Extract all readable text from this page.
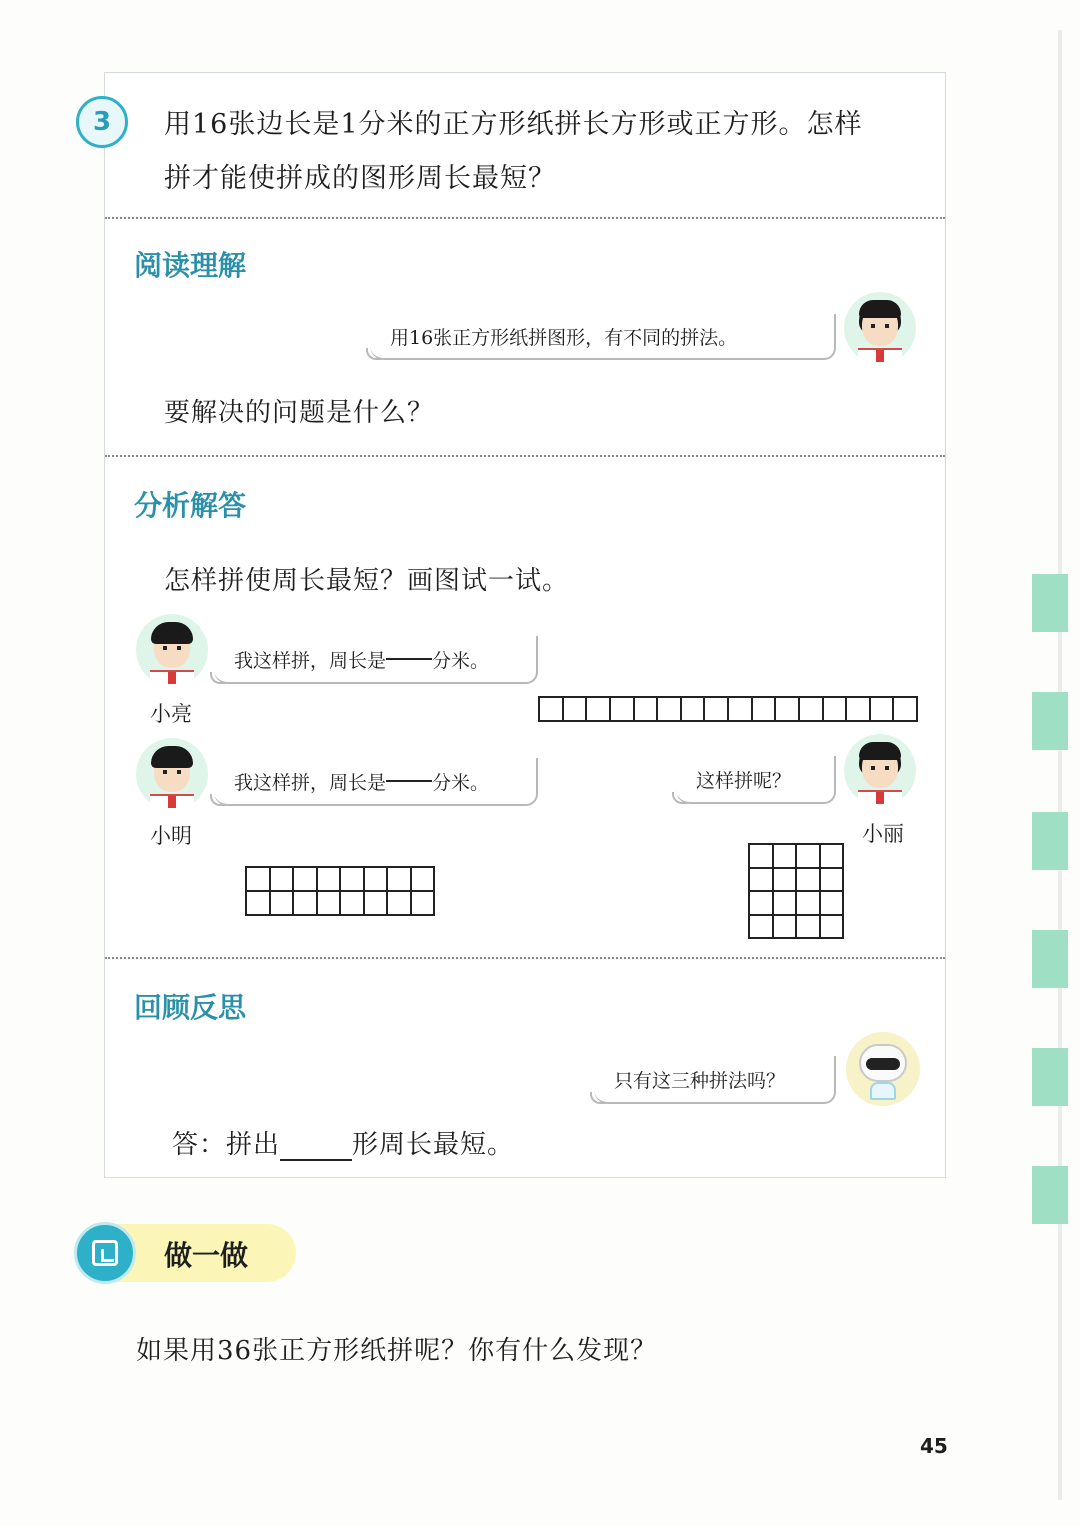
3	用16张边长是1分米的正方形纸拼长方形或正方形。怎样
拼才能使拼成的图形周长最短？
阅读理解
用16张正方形纸拼图形，有不同的拼法。
要解决的问题是什么？
分析解答
怎样拼使周长最短？画图试一试。
小亮
我这样拼，周长是 分米。
小明
我这样拼，周长是 分米。	这样拼呢？
小丽
回顾反思
只有这三种拼法吗？
答：拼出	形周长最短。
做一做
如果用36张正方形纸拼呢？你有什么发现？
45
